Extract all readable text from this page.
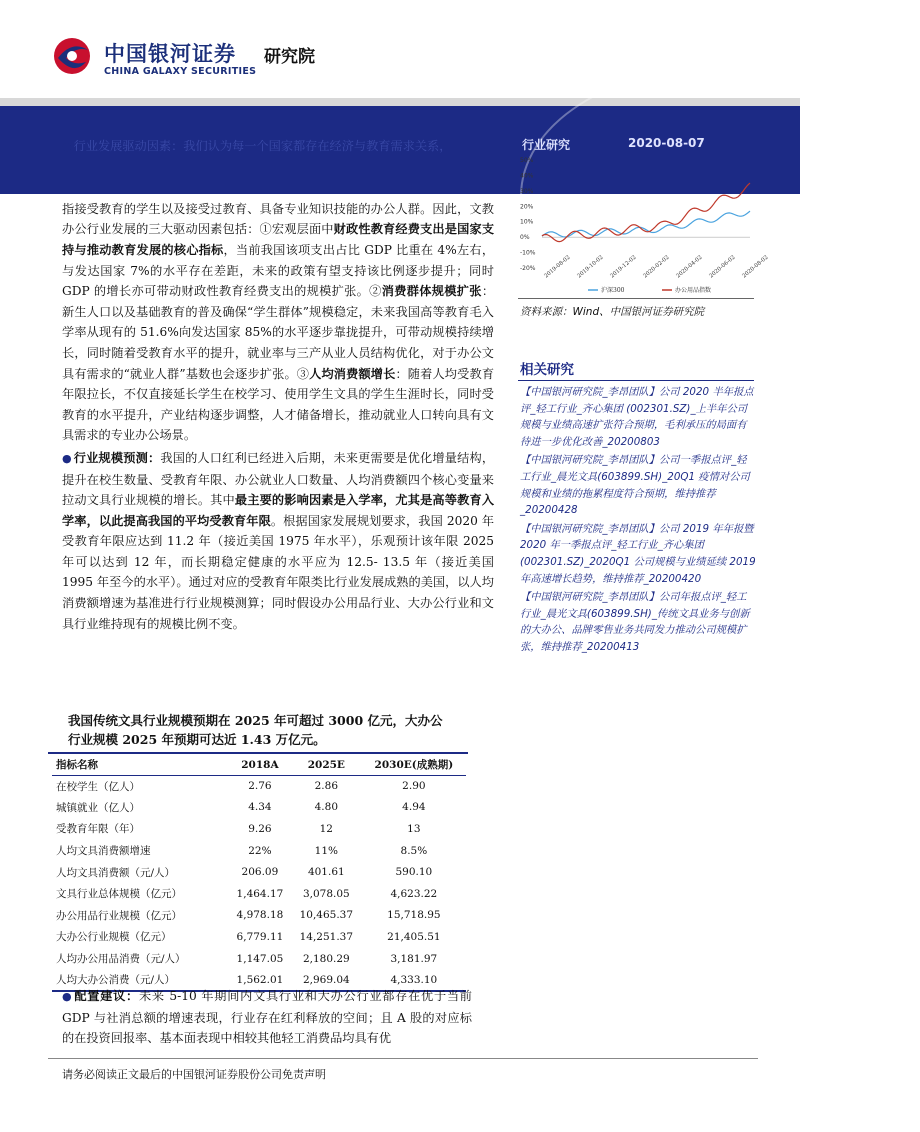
中国银河证券
CHINA GALAXY SECURITIES
研究院
行业研究	2020-08-07

● 行业发展驱动因素：我们认为每一个国家都存在经济与教育需求关系，

指接受教育的学生以及接受过教育、具备专业知识技能的办公人群。因此，文教办公行业发展的三大驱动因素包括：①宏观层面中财政性教育经费支出是国家支持与推动教育发展的核心指标，当前我国该项支出占比 GDP 比重在 4%左右，与发达国家 7%的水平存在差距，未来的政策有望支持该比例逐步提升；同时 GDP 的增长亦可带动财政性教育经费支出的规模扩张。②消费群体规模扩张：新生人口以及基础教育的普及确保“学生群体”规模稳定，未来我国高等教育毛入学率从现有的 51.6%向发达国家 85%的水平逐步靠拢提升，可带动规模持续增长，同时随着受教育水平的提升，就业率与三产从业人员结构优化，对于办公文具有需求的“就业人群”基数也会逐步扩张。③人均消费额增长：随着人均受教育年限拉长，不仅直接延长学生在校学习、使用学生文具的学生生涯时长，同时受教育的水平提升，产业结构逐步调整，人才储备增长，推动就业人口转向具有文具需求的专业办公场景。

● 行业规模预测：我国的人口红利已经进入后期，未来更需要是优化增量结构，提升在校生数量、受教育年限、办公就业人口数量、人均消费额四个核心变量来拉动文具行业规模的增长。其中最主要的影响因素是入学率，尤其是高等教育入学率，以此提高我国的平均受教育年限。根据国家发展规划要求，我国 2020 年受教育年限应达到 11.2 年（接近美国 1975 年水平），乐观预计该年限 2025 年可以达到 12 年，而长期稳定健康的水平应为 12.5- 13.5 年（接近美国 1995 年至今的水平）。通过对应的受教育年限类比行业发展成熟的美国，以人均消费额增速为基准进行行业规模测算；同时假设办公用品行业、大办公行业和文具行业维持现有的规模比例不变。

50%
40%
30%
20%
10%
0%
-10%
-20% 2019-08-02 2019-10-02 2019-12-02 2020-02-02 2020-04-02 2020-06-02 2020-08-02
沪深300	办公用品指数
资料来源：Wind、中国银河证券研究院
相关研究
【中国银河研究院_李昂团队】公司 2020 半年报点评_轻工行业_齐心集团 (002301.SZ)_上半年公司规模与业绩高速扩张符合预期，毛利承压的局面有待进一步优化改善_20200803
【中国银河研究院_李昂团队】公司一季报点评_轻工行业_晨光文具(603899.SH)_20Q1 疫情对公司规模和业绩的拖累程度符合预期，维持推荐_20200428
【中国银河研究院_李昂团队】公司 2019 年年报暨 2020 年一季报点评_轻工行业_齐心集团(002301.SZ)_2020Q1 公司规模与业绩延续 2019 年高速增长趋势，维持推荐_20200420
【中国银河研究院_李昂团队】公司年报点评_轻工行业_晨光文具(603899.SH)_传统文具业务与创新的大办公、品牌零售业务共同发力推动公司规模扩张，维持推荐_20200413
我国传统文具行业规模预期在 2025 年可超过 3000 亿元，大办公行业规模 2025 年预期可达近 1.43 万亿元。
指标名称	2018A	2025E	2030E(成熟期)
在校学生（亿人）	2.76	2.86	2.90
城镇就业（亿人）	4.34	4.80	4.94
受教育年限（年）	9.26	12	13
人均文具消费额增速	22%	11%	8.5%
人均文具消费额（元/人）	206.09	401.61	590.10
文具行业总体规模（亿元）	1,464.17	3,078.05	4,623.22
办公用品行业规模（亿元）	4,978.18	10,465.37	15,718.95
大办公行业规模（亿元）	6,779.11	14,251.37	21,405.51
人均办公用品消费（元/人）	1,147.05	2,180.29	3,181.97
人均大办公消费（元/人）	1,562.01	2,969.04	4,333.10
● 配置建议：未来 5-10 年期间内文具行业和大办公行业都存在优于当前 GDP 与社消总额的增速表现，行业存在红利释放的空间；且 A 股的对应标的在投资回报率、基本面表现中相较其他轻工消费品均具有优
请务必阅读正文最后的中国银河证券股份公司免责声明
